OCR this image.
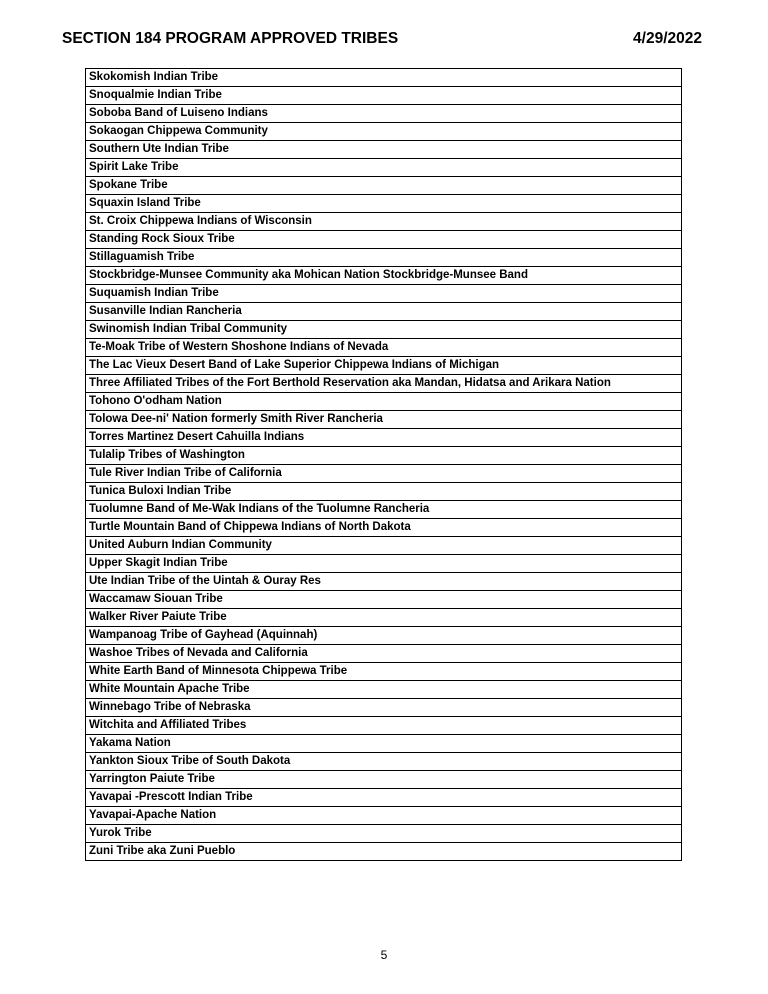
SECTION 184 PROGRAM APPROVED TRIBES	4/29/2022
Skokomish Indian Tribe
Snoqualmie Indian Tribe
Soboba Band of Luiseno Indians
Sokaogan Chippewa Community
Southern Ute Indian Tribe
Spirit Lake Tribe
Spokane Tribe
Squaxin Island Tribe
St. Croix Chippewa Indians of Wisconsin
Standing Rock Sioux Tribe
Stillaguamish Tribe
Stockbridge-Munsee Community aka Mohican Nation Stockbridge-Munsee Band
Suquamish Indian Tribe
Susanville Indian Rancheria
Swinomish Indian Tribal Community
Te-Moak Tribe of Western Shoshone Indians of Nevada
The Lac Vieux Desert Band of Lake Superior Chippewa Indians of Michigan
Three Affiliated Tribes of the Fort Berthold Reservation aka Mandan, Hidatsa and Arikara Nation
Tohono O'odham Nation
Tolowa Dee-ni' Nation formerly Smith River Rancheria
Torres Martinez Desert Cahuilla Indians
Tulalip Tribes of Washington
Tule River Indian Tribe of California
Tunica Buloxi Indian Tribe
Tuolumne Band of Me-Wak Indians of the Tuolumne Rancheria
Turtle Mountain Band of Chippewa Indians of North Dakota
United Auburn Indian Community
Upper Skagit Indian Tribe
Ute Indian Tribe of the Uintah & Ouray Res
Waccamaw Siouan Tribe
Walker River Paiute Tribe
Wampanoag Tribe of Gayhead (Aquinnah)
Washoe Tribes of Nevada and California
White Earth Band of Minnesota Chippewa Tribe
White Mountain Apache Tribe
Winnebago Tribe of Nebraska
Witchita and Affiliated Tribes
Yakama Nation
Yankton Sioux Tribe of South Dakota
Yarrington Paiute Tribe
Yavapai -Prescott Indian Tribe
Yavapai-Apache Nation
Yurok Tribe
Zuni Tribe aka Zuni Pueblo
5
